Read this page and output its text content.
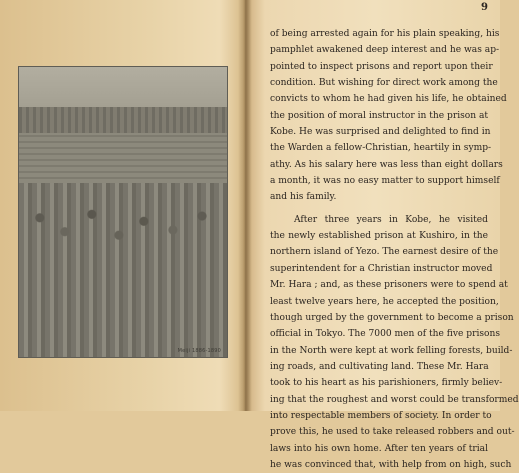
Meiji 1886-1890
9
of being arrested again for his plain speaking, his
pamphlet awakened deep interest and he was ap-
pointed to inspect prisons and report upon their
condition. But wishing for direct work among the
convicts to whom he had given his life, he obtained
the position of moral instructor in the prison at
Kobe. He was surprised and delighted to find in
the Warden a fellow-Christian, heartily in symp-
athy. As his salary here was less than eight dollars
a month, it was no easy matter to support himself
and his family.
After three years in Kobe, he visited
the newly established prison at Kushiro, in the
northern island of Yezo. The earnest desire of the
superintendent for a Christian instructor moved
Mr. Hara ; and, as these prisoners were to spend at
least twelve years here, he accepted the position,
though urged by the government to become a prison
official in Tokyo. The 7000 men of the five prisons
in the North were kept at work felling forests, build-
ing roads, and cultivating land. These Mr. Hara
took to his heart as his parishioners, firmly believ-
ing that the roughest and worst could be transformed
into respectable members of society. In order to
prove this, he used to take released robbers and out-
laws into his own home. After ten years of trial
he was convinced that, with help from on high, such
